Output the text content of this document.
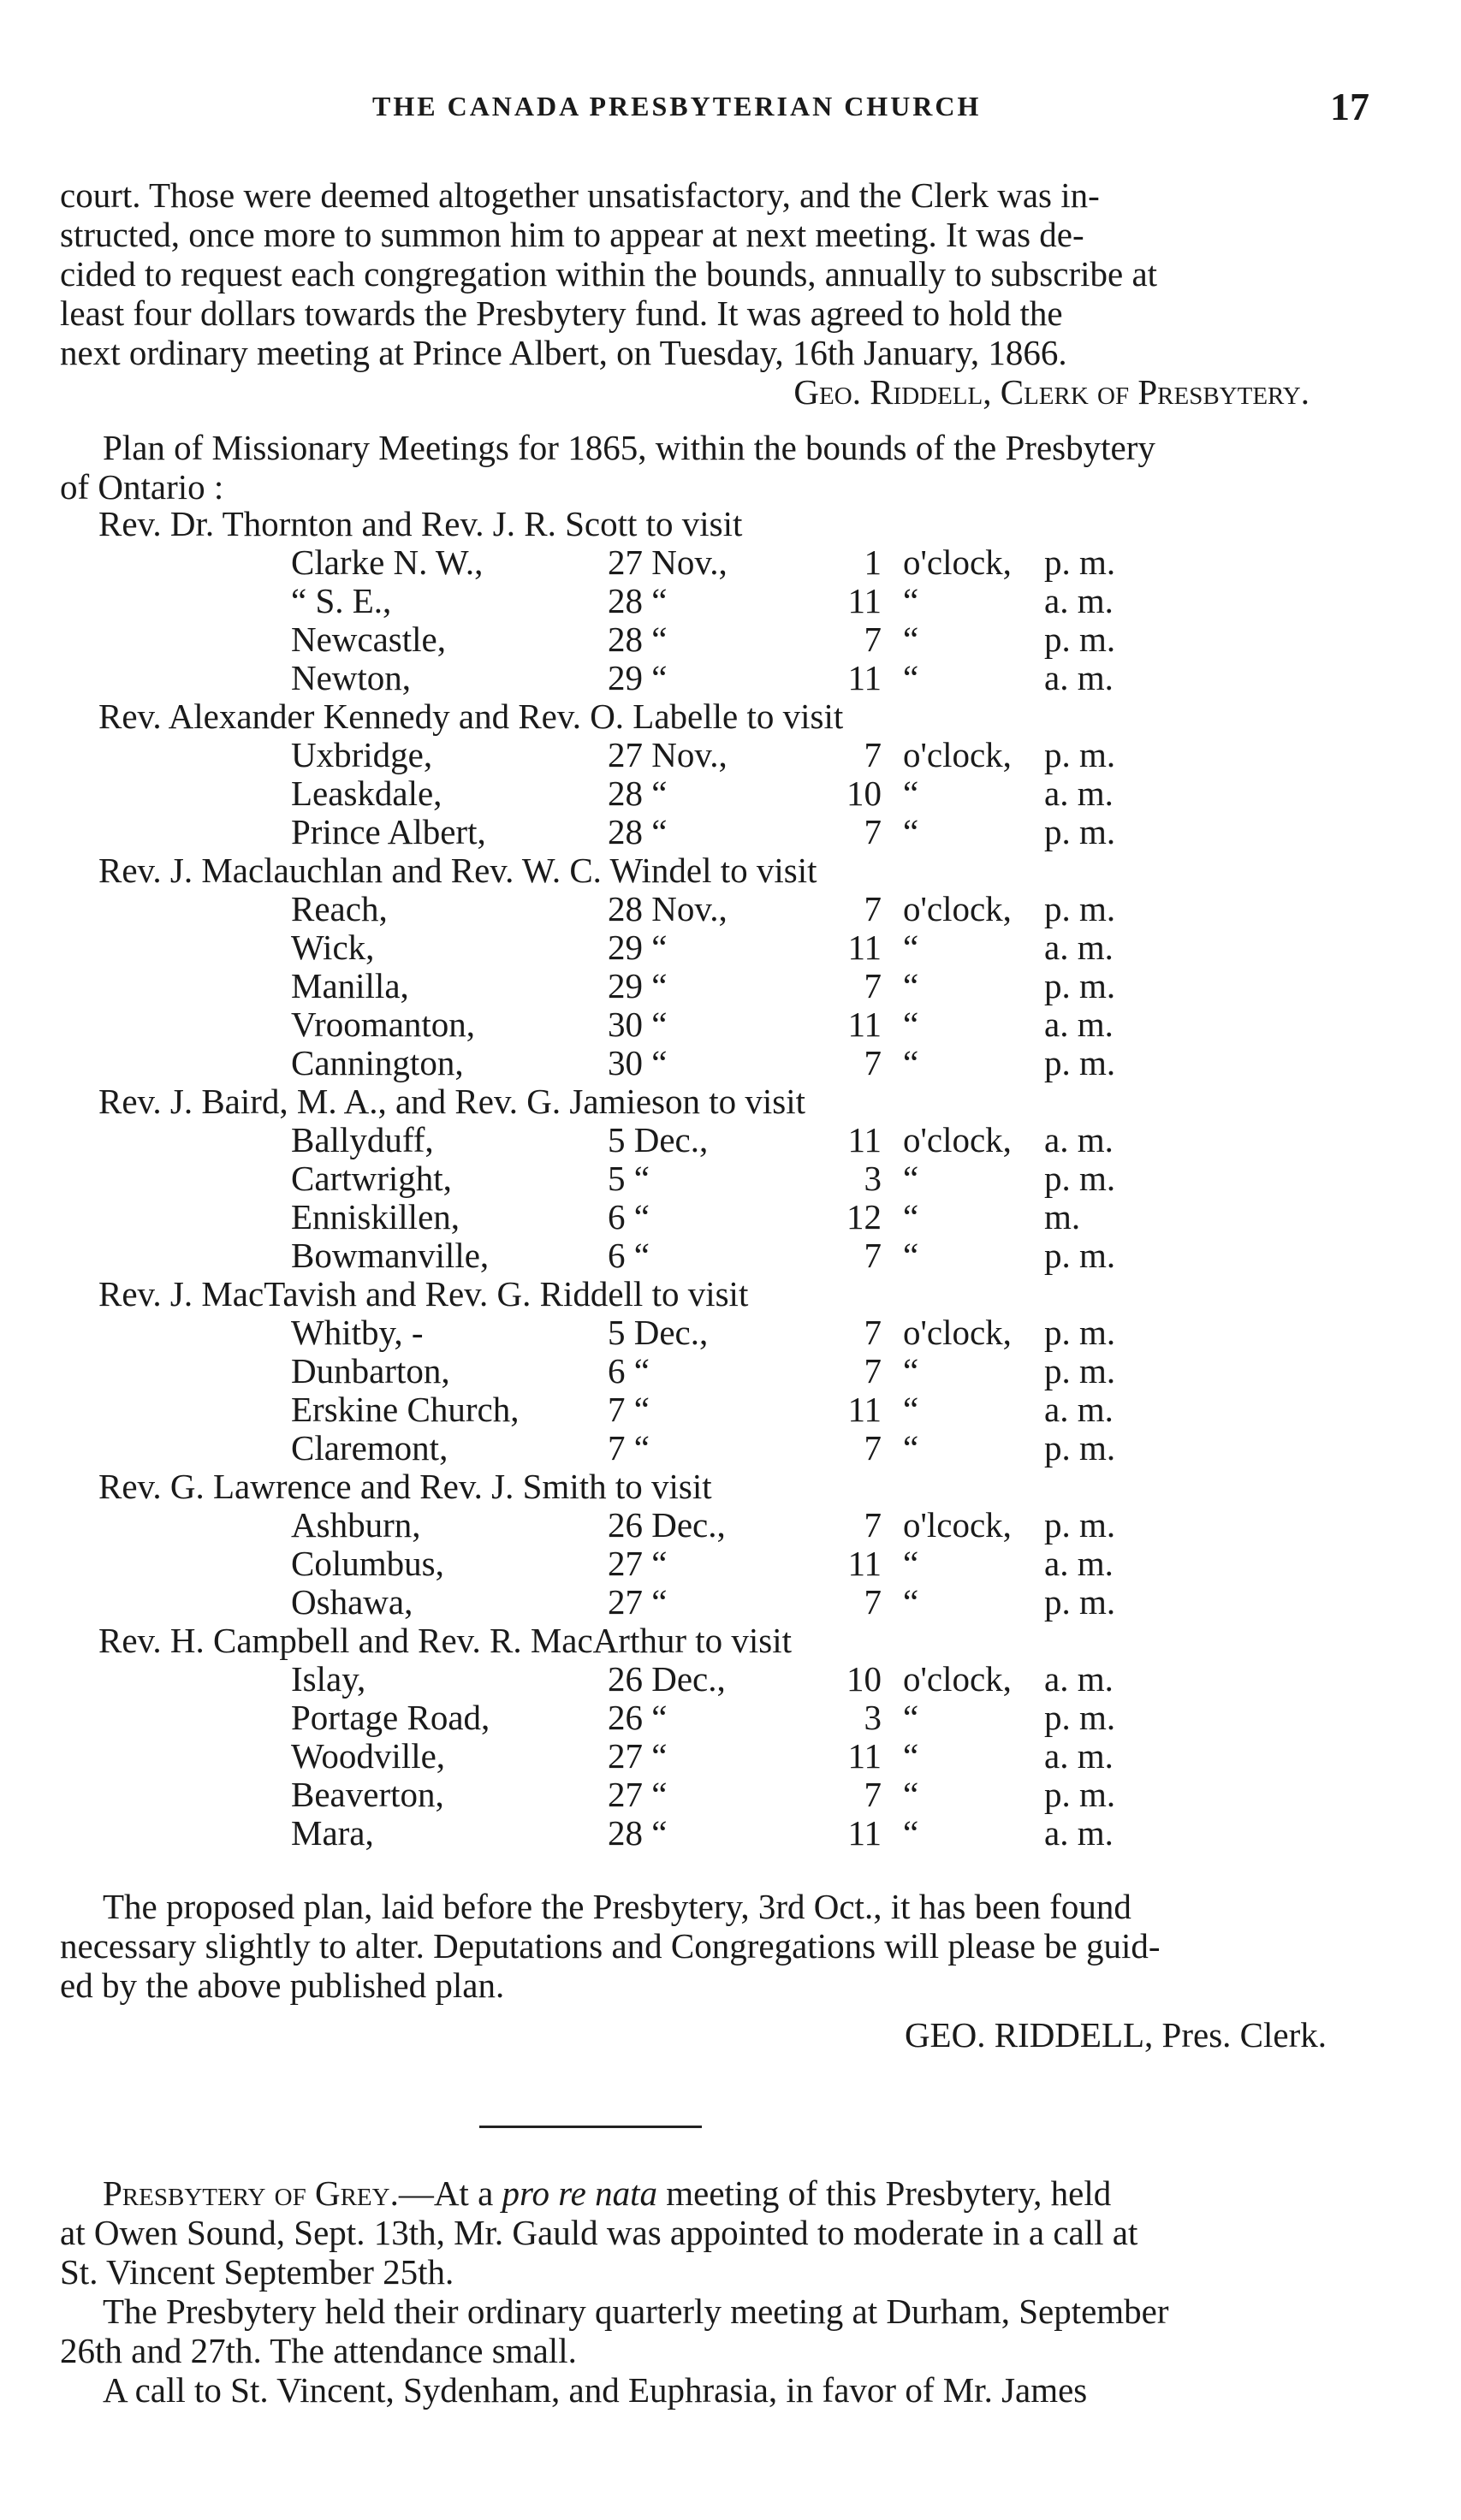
THE CANADA PRESBYTERIAN CHURCH	17
court. Those were deemed altogether unsatisfactory, and the Clerk was in-
structed, once more to summon him to appear at next meeting. It was de-
cided to request each congregation within the bounds, annually to subscribe at
least four dollars towards the Presbytery fund. It was agreed to hold the
next ordinary meeting at Prince Albert, on Tuesday, 16th January, 1866.
Geo. Riddell, Clerk of Presbytery.
Plan of Missionary Meetings for 1865, within the bounds of the Presbytery
of Ontario :
Rev. Dr. Thornton and Rev. J. R. Scott to visit
Clarke N. W.,	27 Nov.,	1 o'clock, p. m.
“ S. E.,	28 “	11 “	a. m.
Newcastle,	28 “	7 “	p. m.
Newton,	29 “	11 “	a. m.
Rev. Alexander Kennedy and Rev. O. Labelle to visit
Uxbridge,	27 Nov.,	7 o'clock, p. m.
Leaskdale,	28 “	10 “	a. m.
Prince Albert,	28 “	7 “	p. m.
Rev. J. Maclauchlan and Rev. W. C. Windel to visit
Reach,	28 Nov.,	7 o'clock, p. m.
Wick,	29 “	11 “	a. m.
Manilla,	29 “	7 “	p. m.
Vroomanton,	30 “	11 “	a. m.
Cannington,	30 “	7 “	p. m.
Rev. J. Baird, M. A., and Rev. G. Jamieson to visit
Ballyduff,	5 Dec.,	11 o'clock, a. m.
Cartwright,	5 “	3 “	p. m.
Enniskillen,	6 “	12 “	m.
Bowmanville,	6 “	7 “	p. m.
Rev. J. MacTavish and Rev. G. Riddell to visit
Whitby, -	5 Dec.,	7 o'clock, p. m.
Dunbarton,	6 “	7 “	p. m.
Erskine Church,	7 “	11 “	a. m.
Claremont,	7 “	7 “	p. m.
Rev. G. Lawrence and Rev. J. Smith to visit
Ashburn,	26 Dec.,	7 o'lcock, p. m.
Columbus,	27 “	11 “	a. m.
Oshawa,	27 “	7 “	p. m.
Rev. H. Campbell and Rev. R. MacArthur to visit
Islay,	26 Dec.,	10 o'clock, a. m.
Portage Road,	26 “	3 “	p. m.
Woodville,	27 “	11 “	a. m.
Beaverton,	27 “	7 “	p. m.
Mara,	28 “	11 “	a. m.
The proposed plan, laid before the Presbytery, 3rd Oct., it has been found
necessary slightly to alter. Deputations and Congregations will please be guid-
ed by the above published plan.
GEO. RIDDELL, Pres. Clerk.
Presbytery of Grey.—At a pro re nata meeting of this Presbytery, held
at Owen Sound, Sept. 13th, Mr. Gauld was appointed to moderate in a call at
St. Vincent September 25th.
The Presbytery held their ordinary quarterly meeting at Durham, September
26th and 27th. The attendance small.
A call to St. Vincent, Sydenham, and Euphrasia, in favor of Mr. James
